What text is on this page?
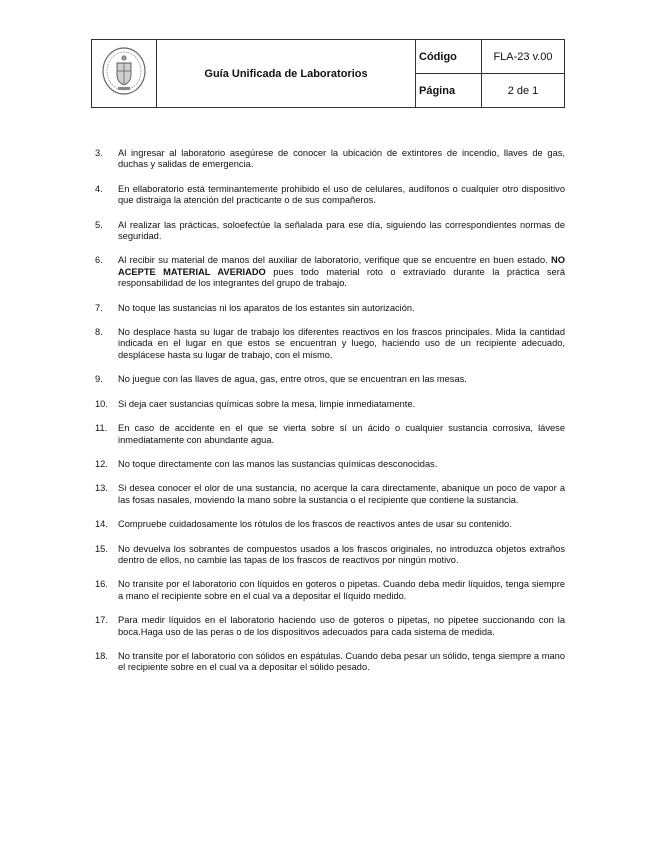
	Guía Unificada de Laboratorios	Código	FLA-23 v.00
		Página	2 de 1
3.	Al ingresar al laboratorio asegúrese de conocer la ubicación de extintores de incendio, llaves de gas, duchas y salidas de emergencia.
4.	En ellaboratorio está terminantemente prohibido el uso de celulares, audífonos o cualquier otro dispositivo que distraiga la atención del practicante o de sus compañeros.
5.	Al realizar las prácticas, soloefectúe la señalada para ese día, siguiendo las correspondientes normas de seguridad.
6.	Al recibir su material de manos del auxiliar de laboratorio, verifique que se encuentre en buen estado. NO ACEPTE MATERIAL AVERIADO pues todo material roto o extraviado durante la práctica será responsabilidad de los integrantes del grupo de trabajo.
7.	No toque las sustancias ni los aparatos de los estantes sin autorización.
8.	No desplace hasta su lugar de trabajo los diferentes reactivos en los frascos principales. Mida la cantidad indicada en el lugar en que estos se encuentran y luego, haciendo uso de un recipiente adecuado, desplácese hasta su lugar de trabajo, con el mismo.
9.	No juegue con las llaves de agua, gas, entre otros, que se encuentran en las mesas.
10.	Si deja caer sustancias químicas sobre la mesa, limpie inmediatamente.
11.	En caso de accidente en el que se vierta sobre sí un ácido o cualquier sustancia corrosiva, lávese inmediatamente con abundante agua.
12.	No toque directamente con las manos las sustancias químicas desconocidas.
13.	Si desea conocer el olor de una sustancia, no acerque la cara directamente, abanique un poco de vapor a las fosas nasales, moviendo la mano sobre la sustancia o el recipiente que contiene la sustancia.
14.	Compruebe cuidadosamente los rótulos de los frascos de reactivos antes de usar su contenido.
15.	No devuelva los sobrantes de compuestos usados a los frascos originales, no introduzca objetos extraños dentro de ellos, no cambie las tapas de los frascos de reactivos por ningún motivo.
16.	No transite por el laboratorio con líquidos en goteros o pipetas. Cuando deba medir líquidos, tenga siempre a mano el recipiente sobre en el cual va a depositar el líquido medido.
17.	Para medir líquidos en el laboratorio haciendo uso de goteros o pipetas, no pipetee succionando con la boca.Haga uso de las peras o de los dispositivos adecuados para cada sistema de medida.
18.	No transite por el laboratorio con sólidos en espátulas. Cuando deba pesar un sólido, tenga siempre a mano el recipiente sobre en el cual va a depositar el sólido pesado.
